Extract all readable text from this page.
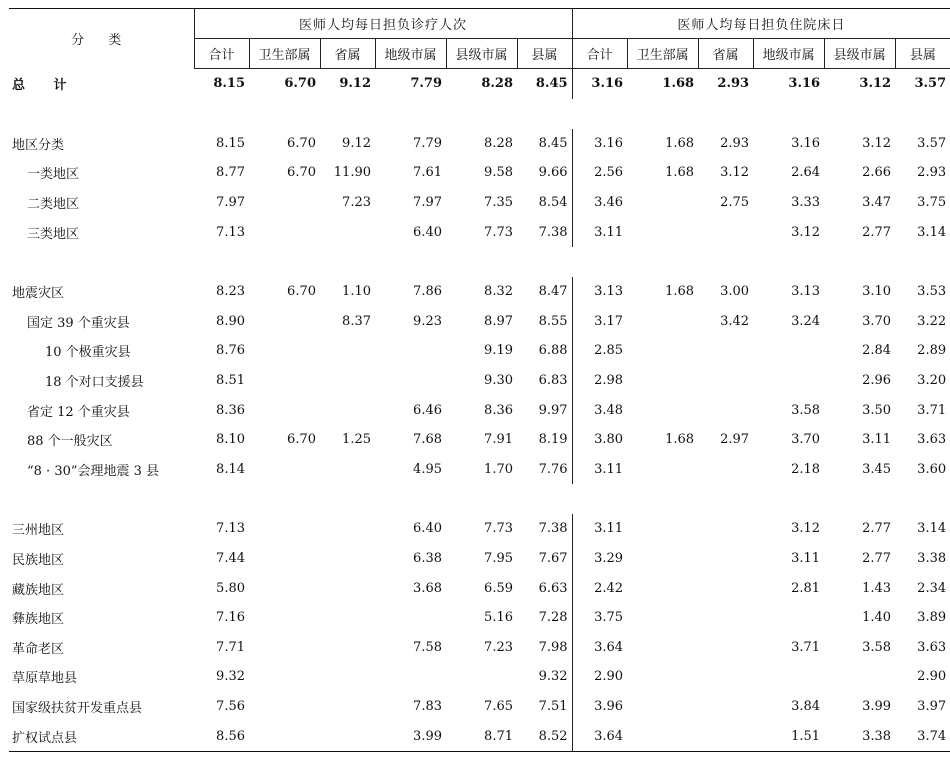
分 类	医师人均每日担负诊疗人次						医师人均每日担负住院床日					
	合计	卫生部属	省属	地级市属	县级市属	县属	合计	卫生部属	省属	地级市属	县级市属	县属
总 计	8.15	6.70	9.12	7.79	8.28	8.45	3.16	1.68	2.93	3.16	3.12	3.57

地区分类	8.15	6.70	9.12	7.79	8.28	8.45	3.16	1.68	2.93	3.16	3.12	3.57
一类地区	8.77	6.70	11.90	7.61	9.58	9.66	2.56	1.68	3.12	2.64	2.66	2.93
二类地区	7.97		7.23	7.97	7.35	8.54	3.46		2.75	3.33	3.47	3.75
三类地区	7.13			6.40	7.73	7.38	3.11			3.12	2.77	3.14

地震灾区	8.23	6.70	1.10	7.86	8.32	8.47	3.13	1.68	3.00	3.13	3.10	3.53
国定 39 个重灾县	8.90		8.37	9.23	8.97	8.55	3.17		3.42	3.24	3.70	3.22
10 个极重灾县	8.76				9.19	6.88	2.85				2.84	2.89
18 个对口支援县	8.51				9.30	6.83	2.98				2.96	3.20
省定 12 个重灾县	8.36			6.46	8.36	9.97	3.48			3.58	3.50	3.71
88 个一般灾区	8.10	6.70	1.25	7.68	7.91	8.19	3.80	1.68	2.97	3.70	3.11	3.63
“8 · 30”会理地震 3 县	8.14			4.95	1.70	7.76	3.11			2.18	3.45	3.60

三州地区	7.13			6.40	7.73	7.38	3.11			3.12	2.77	3.14
民族地区	7.44			6.38	7.95	7.67	3.29			3.11	2.77	3.38
藏族地区	5.80			3.68	6.59	6.63	2.42			2.81	1.43	2.34
彝族地区	7.16				5.16	7.28	3.75				1.40	3.89
革命老区	7.71			7.58	7.23	7.98	3.64			3.71	3.58	3.63
草原草地县	9.32					9.32	2.90					2.90
国家级扶贫开发重点县	7.56			7.83	7.65	7.51	3.96			3.84	3.99	3.97
扩权试点县	8.56			3.99	8.71	8.52	3.64			1.51	3.38	3.74
